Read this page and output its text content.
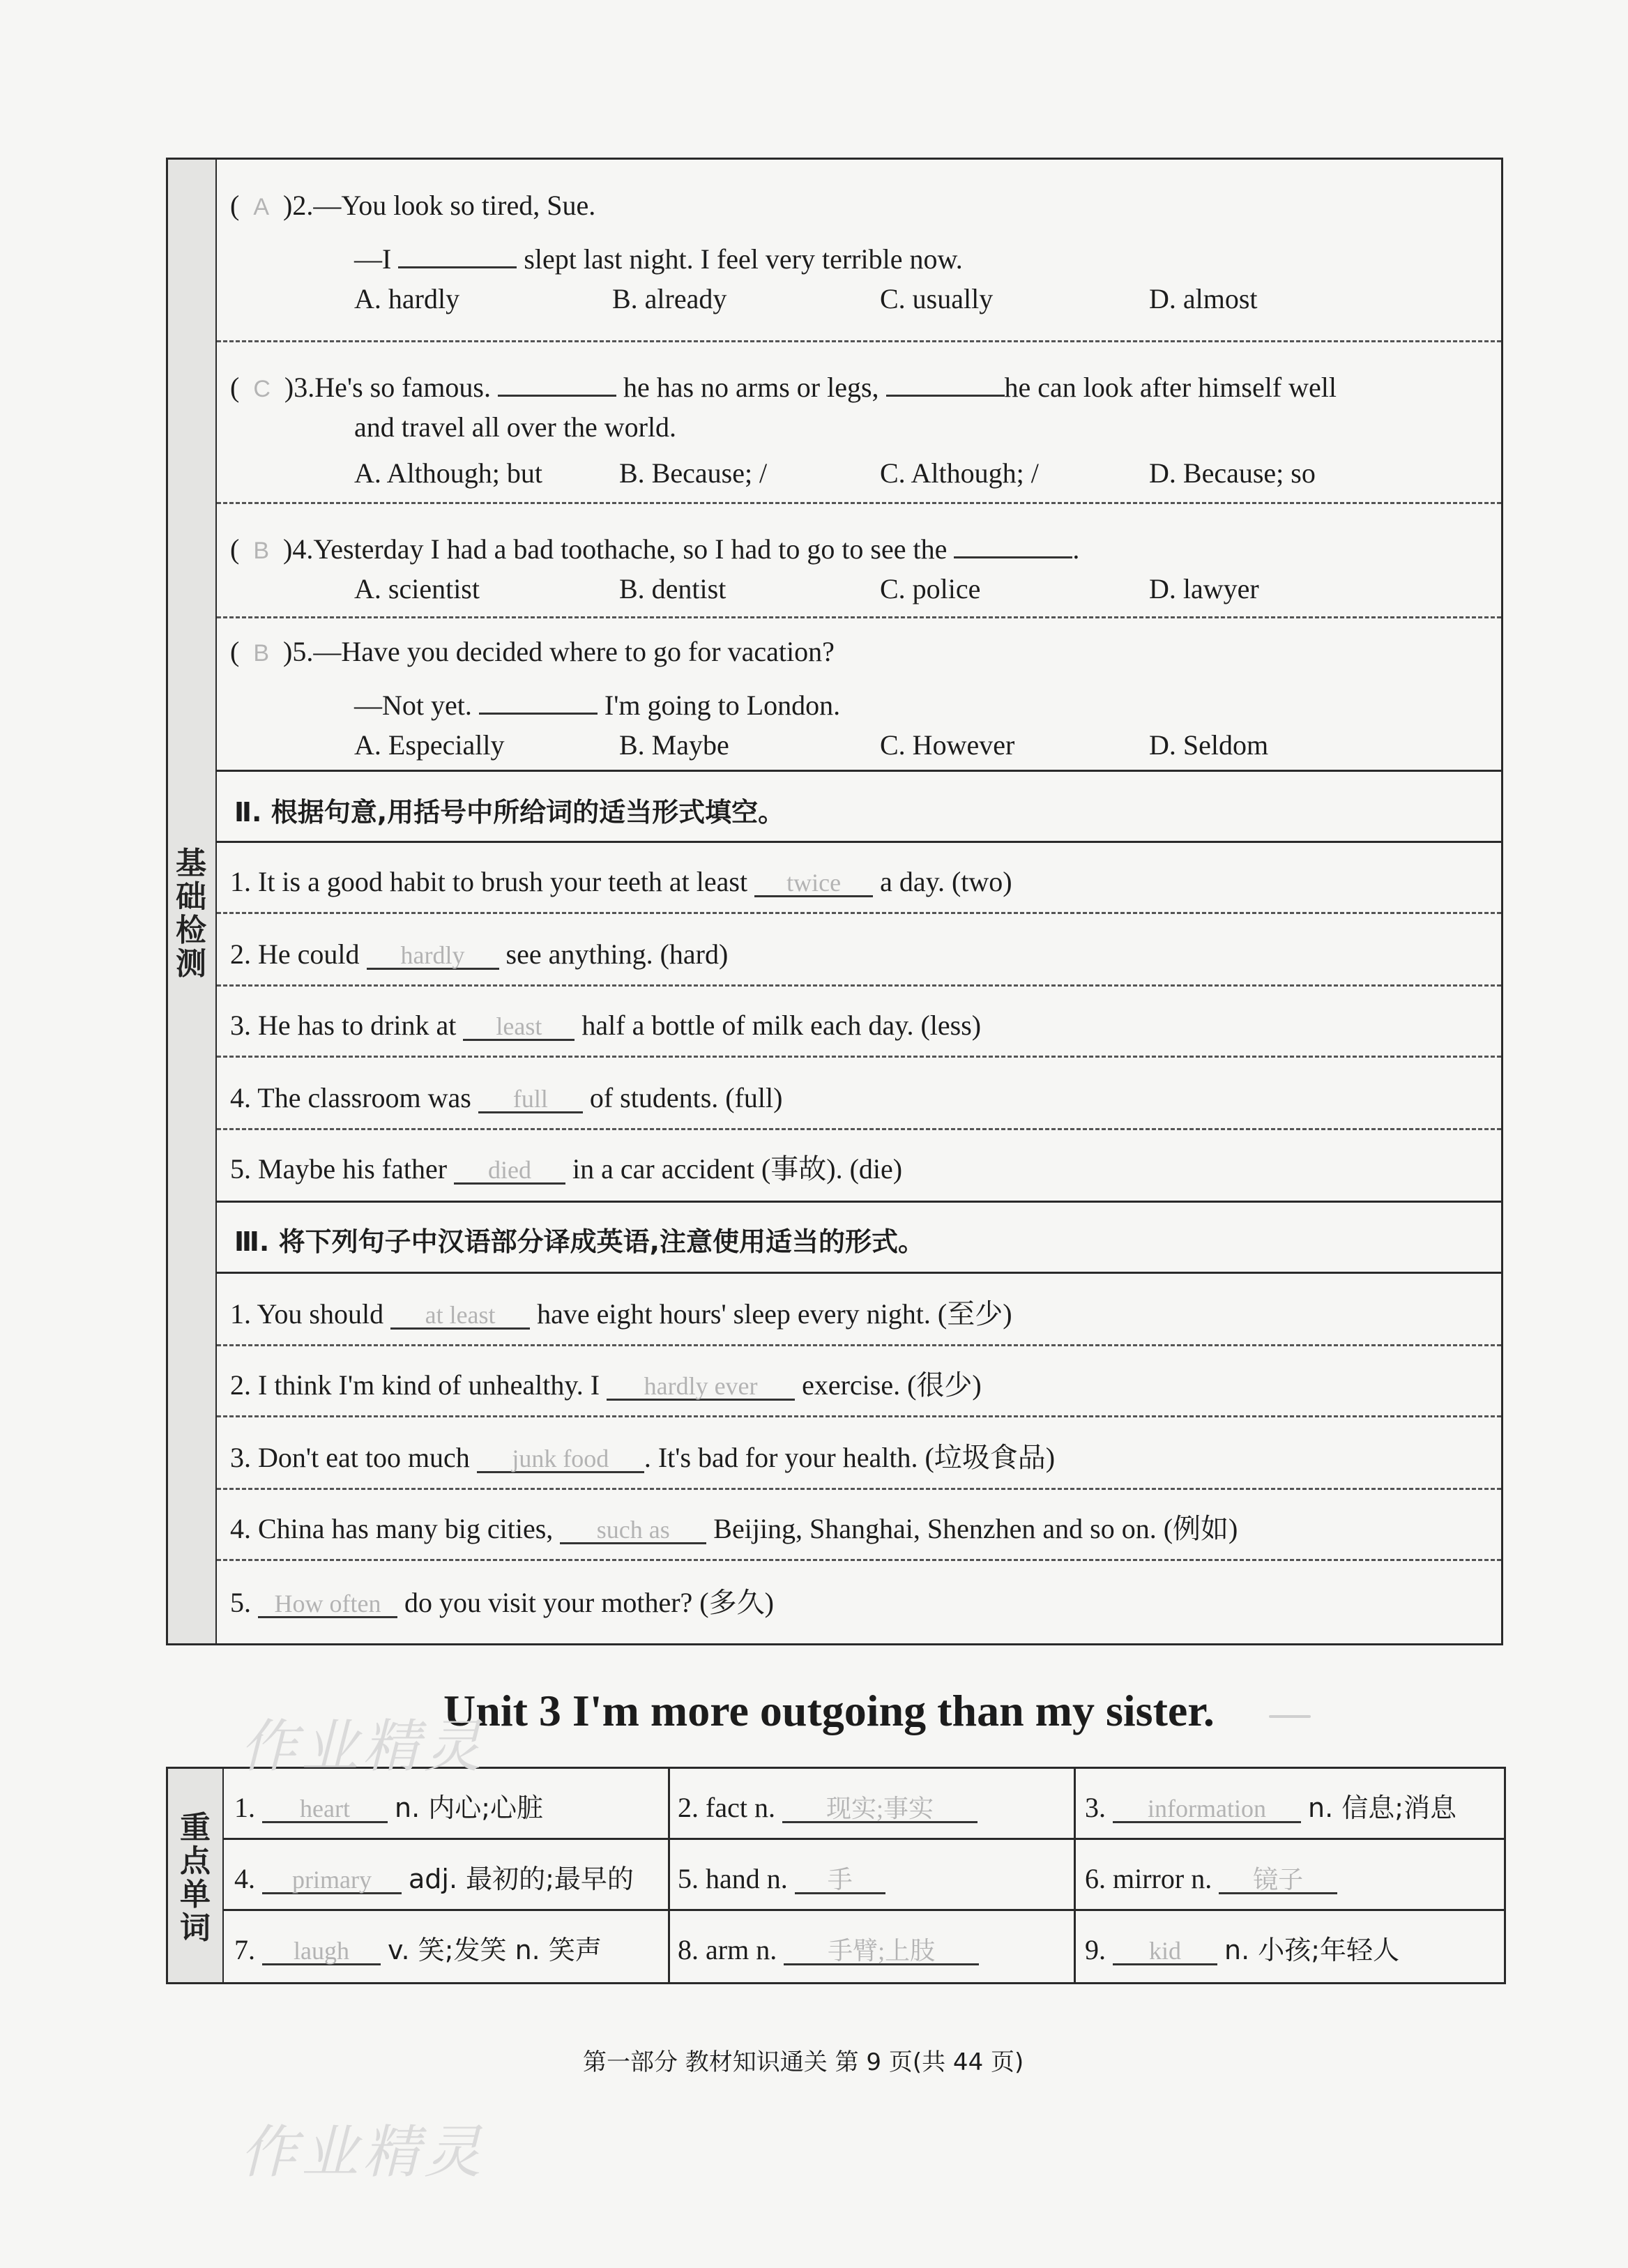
基
础
检
测
(  A )2.—You look so tired, Sue.
—I	slept last night. I feel very terrible now.
A. hardly	B. already	C. usually	D. almost
(  C )3.He's so famous.	he has no arms or legs,	he can look after himself well
and travel all over the world.
A. Although; but	B. Because; /	C. Although; /	D. Because; so
(  B )4.Yesterday I had a bad toothache, so I had to go to see the	.
A. scientist	B. dentist	C. police	D. lawyer
(  B )5.—Have you decided where to go for vacation?
—Not yet.	I'm going to London.
A. Especially	B. Maybe	C. However	D. Seldom
Ⅱ. 根据句意,用括号中所给词的适当形式填空。
1. It is a good habit to brush your teeth at least twice a day. (two)
2. He could hardly see anything. (hard)
3. He has to drink at least half a bottle of milk each day. (less)
4. The classroom was full of students. (full)
5. Maybe his father died in a car accident (事故). (die)
Ⅲ. 将下列句子中汉语部分译成英语,注意使用适当的形式。
1. You should at least have eight hours' sleep every night. (至少)
2. I think I'm kind of unhealthy. I hardly ever exercise. (很少)
3. Don't eat too much junk food . It's bad for your health. (垃圾食品)
4. China has many big cities, such as Beijing, Shanghai, Shenzhen and so on. (例如)
5. How often do you visit your mother? (多久)
Unit 3 I'm more outgoing than my sister.
重
点
单
词
1. heart n. 内心;心脏	2. fact n. 现实;事实	3. information n. 信息;消息
4. primary adj. 最初的;最早的 5. hand n. 手	6. mirror n. 镜子
7. laugh v. 笑;发笑 n. 笑声	8. arm n. 手臂;上肢	9. kid n. 小孩;年轻人
第一部分 教材知识通关 第 9 页(共 44 页)
作业精灵
作业精灵
